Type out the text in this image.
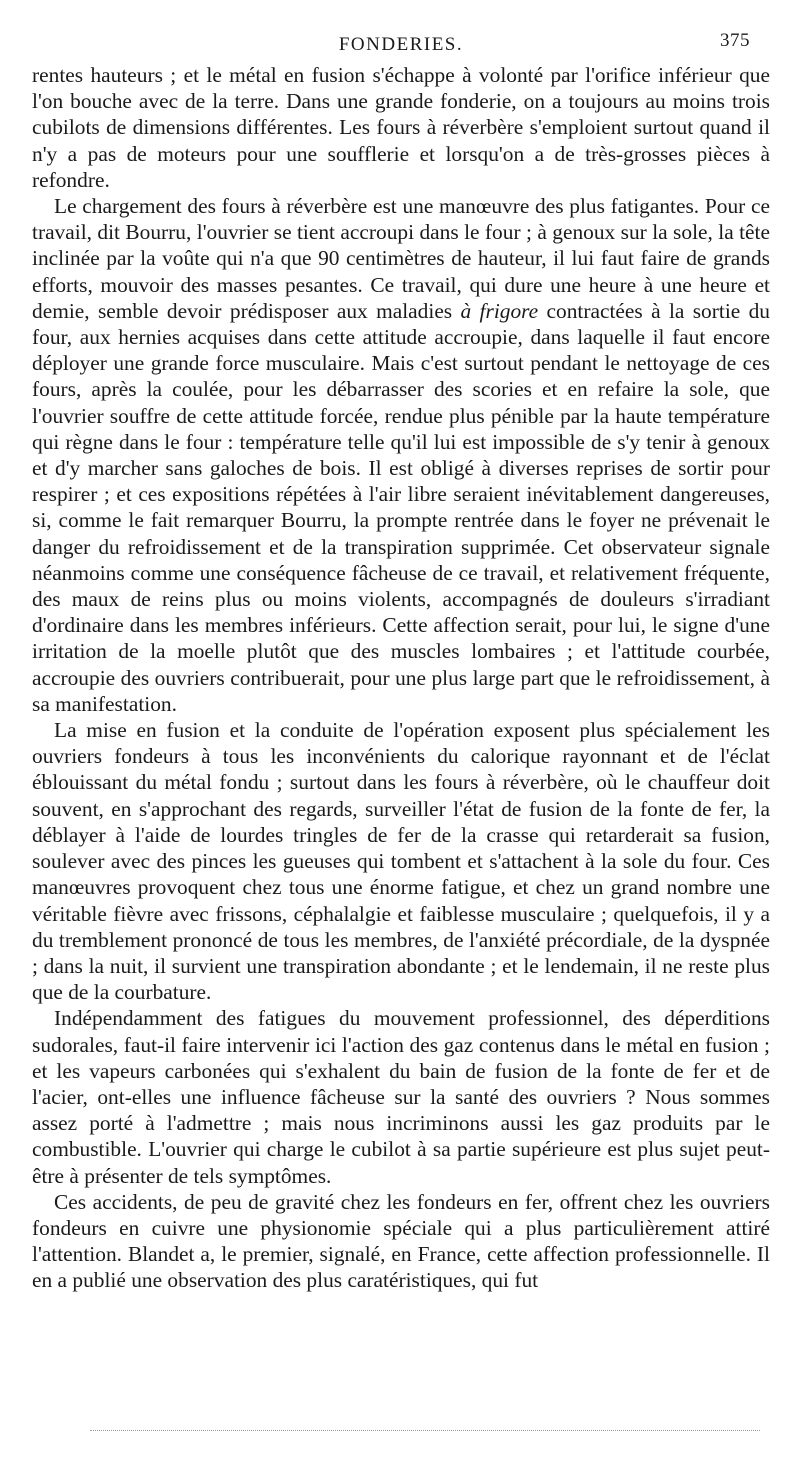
FONDERIES.	375

rentes hauteurs ; et le métal en fusion s'échappe à volonté par l'orifice inférieur que l'on bouche avec de la terre. Dans une grande fonderie, on a toujours au moins trois cubilots de dimensions différentes. Les fours à réverbère s'emploient surtout quand il n'y a pas de moteurs pour une soufflerie et lorsqu'on a de très-grosses pièces à refondre.

Le chargement des fours à réverbère est une manœuvre des plus fatigantes. Pour ce travail, dit Bourru, l'ouvrier se tient accroupi dans le four ; à genoux sur la sole, la tête inclinée par la voûte qui n'a que 90 centimètres de hauteur, il lui faut faire de grands efforts, mouvoir des masses pesantes. Ce travail, qui dure une heure à une heure et demie, semble devoir prédisposer aux maladies à frigore contractées à la sortie du four, aux hernies acquises dans cette attitude accroupie, dans laquelle il faut encore déployer une grande force musculaire. Mais c'est surtout pendant le nettoyage de ces fours, après la coulée, pour les débarrasser des scories et en refaire la sole, que l'ouvrier souffre de cette attitude forcée, rendue plus pénible par la haute température qui règne dans le four : température telle qu'il lui est impossible de s'y tenir à genoux et d'y marcher sans galoches de bois. Il est obligé à diverses reprises de sortir pour respirer ; et ces expositions répétées à l'air libre seraient inévitablement dangereuses, si, comme le fait remarquer Bourru, la prompte rentrée dans le foyer ne prévenait le danger du refroidissement et de la transpiration supprimée. Cet observateur signale néanmoins comme une conséquence fâcheuse de ce travail, et relativement fréquente, des maux de reins plus ou moins violents, accompagnés de douleurs s'irradiant d'ordinaire dans les membres inférieurs. Cette affection serait, pour lui, le signe d'une irritation de la moelle plutôt que des muscles lombaires ; et l'attitude courbée, accroupie des ouvriers contribuerait, pour une plus large part que le refroidissement, à sa manifestation.

La mise en fusion et la conduite de l'opération exposent plus spécialement les ouvriers fondeurs à tous les inconvénients du calorique rayonnant et de l'éclat éblouissant du métal fondu ; surtout dans les fours à réverbère, où le chauffeur doit souvent, en s'approchant des regards, surveiller l'état de fusion de la fonte de fer, la déblayer à l'aide de lourdes tringles de fer de la crasse qui retarderait sa fusion, soulever avec des pinces les gueuses qui tombent et s'attachent à la sole du four. Ces manœuvres provoquent chez tous une énorme fatigue, et chez un grand nombre une véritable fièvre avec frissons, céphalalgie et faiblesse musculaire ; quelquefois, il y a du tremblement prononcé de tous les membres, de l'anxiété précordiale, de la dyspnée ; dans la nuit, il survient une transpiration abondante ; et le lendemain, il ne reste plus que de la courbature.

Indépendamment des fatigues du mouvement professionnel, des déperditions sudorales, faut-il faire intervenir ici l'action des gaz contenus dans le métal en fusion ; et les vapeurs carbonées qui s'exhalent du bain de fusion de la fonte de fer et de l'acier, ont-elles une influence fâcheuse sur la santé des ouvriers ? Nous sommes assez porté à l'admettre ; mais nous incriminons aussi les gaz produits par le combustible. L'ouvrier qui charge le cubilot à sa partie supérieure est plus sujet peut-être à présenter de tels symptômes.

Ces accidents, de peu de gravité chez les fondeurs en fer, offrent chez les ouvriers fondeurs en cuivre une physionomie spéciale qui a plus particulièrement attiré l'attention. Blandet a, le premier, signalé, en France, cette affection professionnelle. Il en a publié une observation des plus caratéristiques, qui fut
